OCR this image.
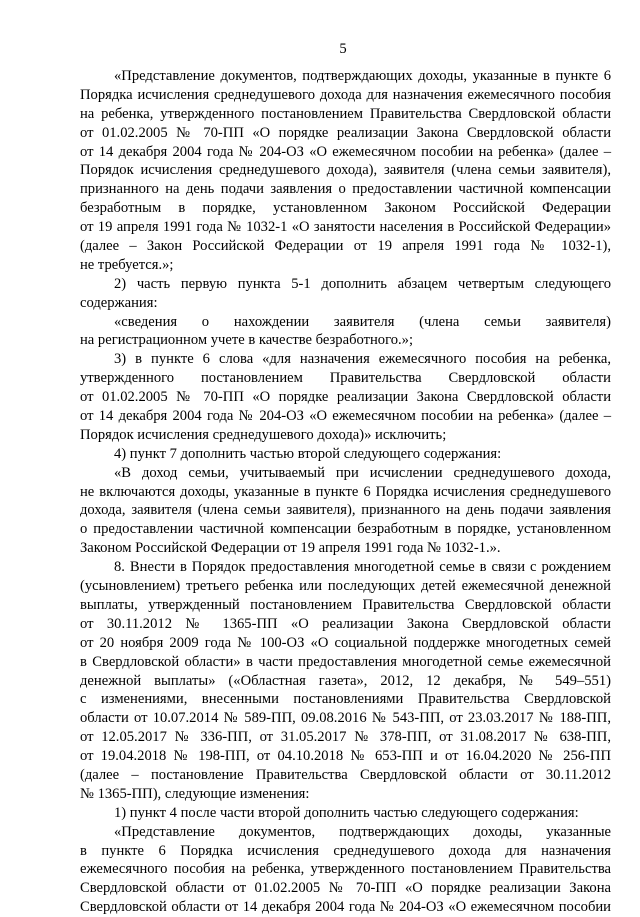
5
«Представление документов, подтверждающих доходы, указанные в пункте 6
Порядка исчисления среднедушевого дохода для назначения ежемесячного пособия
на ребенка, утвержденного постановлением Правительства Свердловской области
от 01.02.2005 № 70-ПП «О порядке реализации Закона Свердловской области
от 14 декабря 2004 года № 204-ОЗ «О ежемесячном пособии на ребенка» (далее –
Порядок исчисления среднедушевого дохода), заявителя (члена семьи заявителя),
признанного на день подачи заявления о предоставлении частичной компенсации
безработным в порядке, установленном Законом Российской Федерации
от 19 апреля 1991 года № 1032-1 «О занятости населения в Российской Федерации»
(далее – Закон Российской Федерации от 19 апреля 1991 года № 1032-1),
не требуется.»;
2) часть первую пункта 5-1 дополнить абзацем четвертым следующего
содержания:
«сведения о нахождении заявителя (члена семьи заявителя)
на регистрационном учете в качестве безработного.»;
3) в пункте 6 слова «для назначения ежемесячного пособия на ребенка,
утвержденного постановлением Правительства Свердловской области
от 01.02.2005 № 70-ПП «О порядке реализации Закона Свердловской области
от 14 декабря 2004 года № 204-ОЗ «О ежемесячном пособии на ребенка» (далее –
Порядок исчисления среднедушевого дохода)» исключить;
4) пункт 7 дополнить частью второй следующего содержания:
«В доход семьи, учитываемый при исчислении среднедушевого дохода,
не включаются доходы, указанные в пункте 6 Порядка исчисления среднедушевого
дохода, заявителя (члена семьи заявителя), признанного на день подачи заявления
о предоставлении частичной компенсации безработным в порядке, установленном
Законом Российской Федерации от 19 апреля 1991 года № 1032-1.».
8. Внести в Порядок предоставления многодетной семье в связи с рождением
(усыновлением) третьего ребенка или последующих детей ежемесячной денежной
выплаты, утвержденный постановлением Правительства Свердловской области
от 30.11.2012 № 1365-ПП «О реализации Закона Свердловской области
от 20 ноября 2009 года № 100-ОЗ «О социальной поддержке многодетных семей
в Свердловской области» в части предоставления многодетной семье ежемесячной
денежной выплаты» («Областная газета», 2012, 12 декабря, № 549–551)
с изменениями, внесенными постановлениями Правительства Свердловской
области от 10.07.2014 № 589-ПП, 09.08.2016 № 543-ПП, от 23.03.2017 № 188-ПП,
от 12.05.2017 № 336-ПП, от 31.05.2017 № 378-ПП, от 31.08.2017 № 638-ПП,
от 19.04.2018 № 198-ПП, от 04.10.2018 № 653-ПП и от 16.04.2020 № 256-ПП
(далее – постановление Правительства Свердловской области от 30.11.2012
№ 1365-ПП), следующие изменения:
1) пункт 4 после части второй дополнить частью следующего содержания:
«Представление документов, подтверждающих доходы, указанные
в пункте 6 Порядка исчисления среднедушевого дохода для назначения
ежемесячного пособия на ребенка, утвержденного постановлением Правительства
Свердловской области от 01.02.2005 № 70-ПП «О порядке реализации Закона
Свердловской области от 14 декабря 2004 года № 204-ОЗ «О ежемесячном пособии
